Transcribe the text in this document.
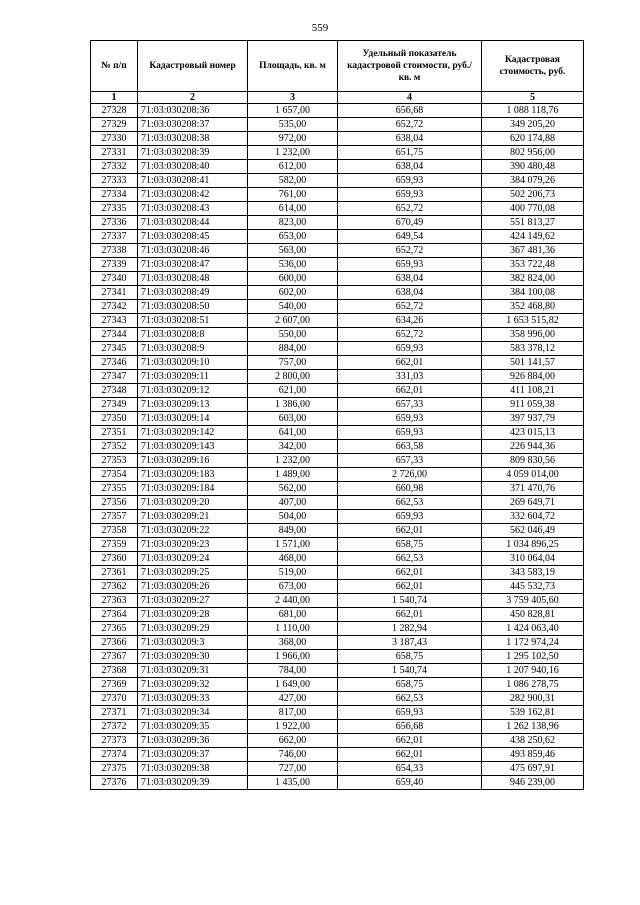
559
№ п/п	Кадастровый номер	Площадь, кв. м	Удельный показатель кадастровой стоимости, руб./кв. м	Кадастровая стоимость, руб.
1	2	3	4	5
27328	71:03:030208:36	1 657,00	656,68	1 088 118,76
27329	71:03:030208:37	535,00	652,72	349 205,20
27330	71:03:030208:38	972,00	638,04	620 174,88
27331	71:03:030208:39	1 232,00	651,75	802 956,00
27332	71:03:030208:40	612,00	638,04	390 480,48
27333	71:03:030208:41	582,00	659,93	384 079,26
27334	71:03:030208:42	761,00	659,93	502 206,73
27335	71:03:030208:43	614,00	652,72	400 770,08
27336	71:03:030208:44	823,00	670,49	551 813,27
27337	71:03:030208:45	653,00	649,54	424 149,62
27338	71:03:030208:46	563,00	652,72	367 481,36
27339	71:03:030208:47	536,00	659,93	353 722,48
27340	71:03:030208:48	600,00	638,04	382 824,00
27341	71:03:030208:49	602,00	638,04	384 100,08
27342	71:03:030208:50	540,00	652,72	352 468,80
27343	71:03:030208:51	2 607,00	634,26	1 653 515,82
27344	71:03:030208:8	550,00	652,72	358 996,00
27345	71:03:030208:9	884,00	659,93	583 378,12
27346	71:03:030209:10	757,00	662,01	501 141,57
27347	71:03:030209:11	2 800,00	331,03	926 884,00
27348	71:03:030209:12	621,00	662,01	411 108,21
27349	71:03:030209:13	1 386,00	657,33	911 059,38
27350	71:03:030209:14	603,00	659,93	397 937,79
27351	71:03:030209:142	641,00	659,93	423 015,13
27352	71:03:030209:143	342,00	663,58	226 944,36
27353	71:03:030209:16	1 232,00	657,33	809 830,56
27354	71:03:030209:183	1 489,00	2 726,00	4 059 014,00
27355	71:03:030209:184	562,00	660,98	371 470,76
27356	71:03:030209:20	407,00	662,53	269 649,71
27357	71:03:030209:21	504,00	659,93	332 604,72
27358	71:03:030209:22	849,00	662,01	562 046,49
27359	71:03:030209:23	1 571,00	658,75	1 034 896,25
27360	71:03:030209:24	468,00	662,53	310 064,04
27361	71:03:030209:25	519,00	662,01	343 583,19
27362	71:03:030209:26	673,00	662,01	445 532,73
27363	71:03:030209:27	2 440,00	1 540,74	3 759 405,60
27364	71:03:030209:28	681,00	662,01	450 828,81
27365	71:03:030209:29	1 110,00	1 282,94	1 424 063,40
27366	71:03:030209:3	368,00	3 187,43	1 172 974,24
27367	71:03:030209:30	1 966,00	658,75	1 295 102,50
27368	71:03:030209:31	784,00	1 540,74	1 207 940,16
27369	71:03:030209:32	1 649,00	658,75	1 086 278,75
27370	71:03:030209:33	427,00	662,53	282 900,31
27371	71:03:030209:34	817,00	659,93	539 162,81
27372	71:03:030209:35	1 922,00	656,68	1 262 138,96
27373	71:03:030209:36	662,00	662,01	438 250,62
27374	71:03:030209:37	746,00	662,01	493 859,46
27375	71:03:030209:38	727,00	654,33	475 697,91
27376	71:03:030209:39	1 435,00	659,40	946 239,00
